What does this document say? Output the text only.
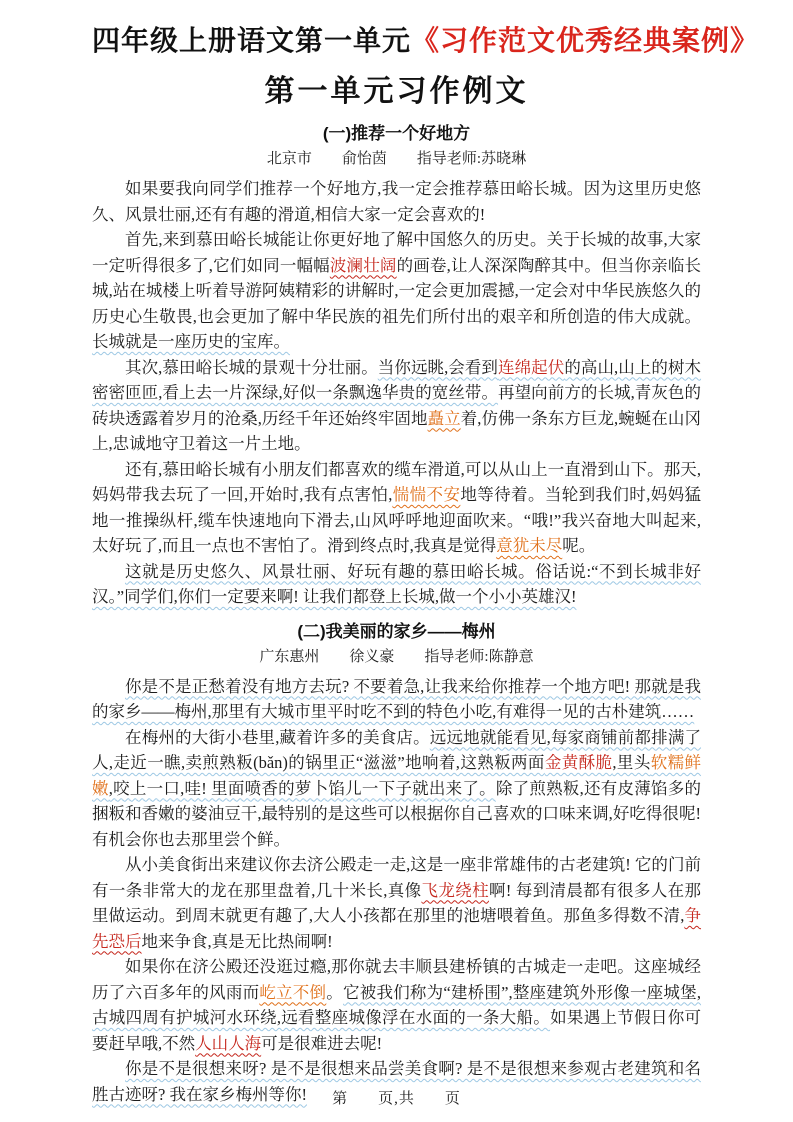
四年级上册语文第一单元《习作范文优秀经典案例》
第一单元习作例文
(一)推荐一个好地方
北京市　　俞怡茵　　指导老师:苏晓琳

如果要我向同学们推荐一个好地方,我一定会推荐慕田峪长城。因为这里历史悠久、风景壮丽,还有有趣的滑道,相信大家一定会喜欢的!

首先,来到慕田峪长城能让你更好地了解中国悠久的历史。关于长城的故事,大家一定听得很多了,它们如同一幅幅波澜壮阔的画卷,让人深深陶醉其中。但当你亲临长城,站在城楼上听着导游阿姨精彩的讲解时,一定会更加震撼,一定会对中华民族悠久的历史心生敬畏,也会更加了解中华民族的祖先们所付出的艰辛和所创造的伟大成就。长城就是一座历史的宝库。

其次,慕田峪长城的景观十分壮丽。当你远眺,会看到连绵起伏的高山,山上的树木密密匝匝,看上去一片深绿,好似一条飘逸华贵的宽丝带。再望向前方的长城,青灰色的砖块透露着岁月的沧桑,历经千年还始终牢固地矗立着,仿佛一条东方巨龙,蜿蜒在山冈上,忠诚地守卫着这一片土地。

还有,慕田峪长城有小朋友们都喜欢的缆车滑道,可以从山上一直滑到山下。那天,妈妈带我去玩了一回,开始时,我有点害怕,惴惴不安地等待着。当轮到我们时,妈妈猛地一推操纵杆,缆车快速地向下滑去,山风呼呼地迎面吹来。“哦!”我兴奋地大叫起来,太好玩了,而且一点也不害怕了。滑到终点时,我真是觉得意犹未尽呢。

这就是历史悠久、风景壮丽、好玩有趣的慕田峪长城。俗话说:“不到长城非好汉。”同学们,你们一定要来啊! 让我们都登上长城,做一个小小英雄汉!

(二)我美丽的家乡——梅州
广东惠州　　徐义豪　　指导老师:陈静意

你是不是正愁着没有地方去玩? 不要着急,让我来给你推荐一个地方吧! 那就是我的家乡——梅州,那里有大城市里平时吃不到的特色小吃,有难得一见的古朴建筑……

在梅州的大街小巷里,藏着许多的美食店。远远地就能看见,每家商铺前都排满了人,走近一瞧,卖煎熟粄(bǎn)的锅里正“滋滋”地响着,这熟粄两面金黄酥脆,里头软糯鲜嫩,咬上一口,哇! 里面喷香的萝卜馅儿一下子就出来了。除了煎熟粄,还有皮薄馅多的捆粄和香嫩的婆油豆干,最特别的是这些可以根据你自己喜欢的口味来调,好吃得很呢! 有机会你也去那里尝个鲜。

从小美食街出来建议你去济公殿走一走,这是一座非常雄伟的古老建筑! 它的门前有一条非常大的龙在那里盘着,几十米长,真像飞龙绕柱啊! 每到清晨都有很多人在那里做运动。到周末就更有趣了,大人小孩都在那里的池塘喂着鱼。那鱼多得数不清,争先恐后地来争食,真是无比热闹啊!

如果你在济公殿还没逛过瘾,那你就去丰顺县建桥镇的古城走一走吧。这座城经历了六百多年的风雨而屹立不倒。它被我们称为“建桥围”,整座建筑外形像一座城堡,古城四周有护城河水环绕,远看整座城像浮在水面的一条大船。如果遇上节假日你可要赶早哦,不然人山人海可是很难进去呢!

你是不是很想来呀? 是不是很想来品尝美食啊? 是不是很想来参观古老建筑和名胜古迹呀? 我在家乡梅州等你!	第 页,共 页
